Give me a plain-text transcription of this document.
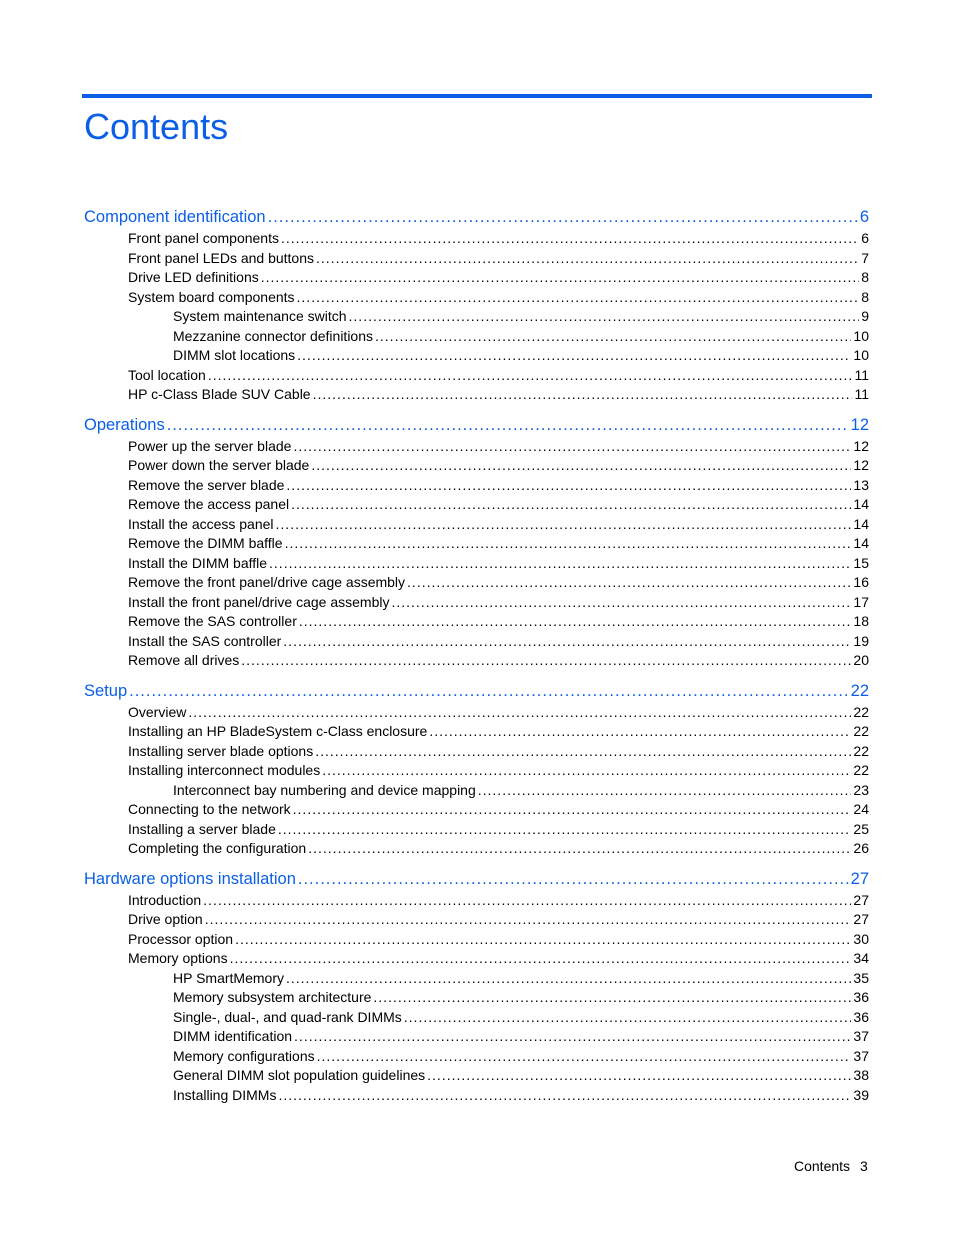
Contents
Component identification .....	6
Front panel components .....	6
Front panel LEDs and buttons .....	7
Drive LED definitions .....	8
System board components .....	8
System maintenance switch .....	9
Mezzanine connector definitions .....	10
DIMM slot locations .....	10
Tool location .....	11
HP c-Class Blade SUV Cable .....	11
Operations .....	12
Power up the server blade .....	12
Power down the server blade .....	12
Remove the server blade .....	13
Remove the access panel .....	14
Install the access panel .....	14
Remove the DIMM baffle .....	14
Install the DIMM baffle .....	15
Remove the front panel/drive cage assembly .....	16
Install the front panel/drive cage assembly .....	17
Remove the SAS controller .....	18
Install the SAS controller .....	19
Remove all drives .....	20
Setup .....	22
Overview .....	22
Installing an HP BladeSystem c-Class enclosure .....	22
Installing server blade options .....	22
Installing interconnect modules .....	22
Interconnect bay numbering and device mapping .....	23
Connecting to the network .....	24
Installing a server blade .....	25
Completing the configuration .....	26
Hardware options installation .....	27
Introduction .....	27
Drive option .....	27
Processor option .....	30
Memory options .....	34
HP SmartMemory .....	35
Memory subsystem architecture .....	36
Single-, dual-, and quad-rank DIMMs .....	36
DIMM identification .....	37
Memory configurations .....	37
General DIMM slot population guidelines .....	38
Installing DIMMs .....	39
Contents 3
